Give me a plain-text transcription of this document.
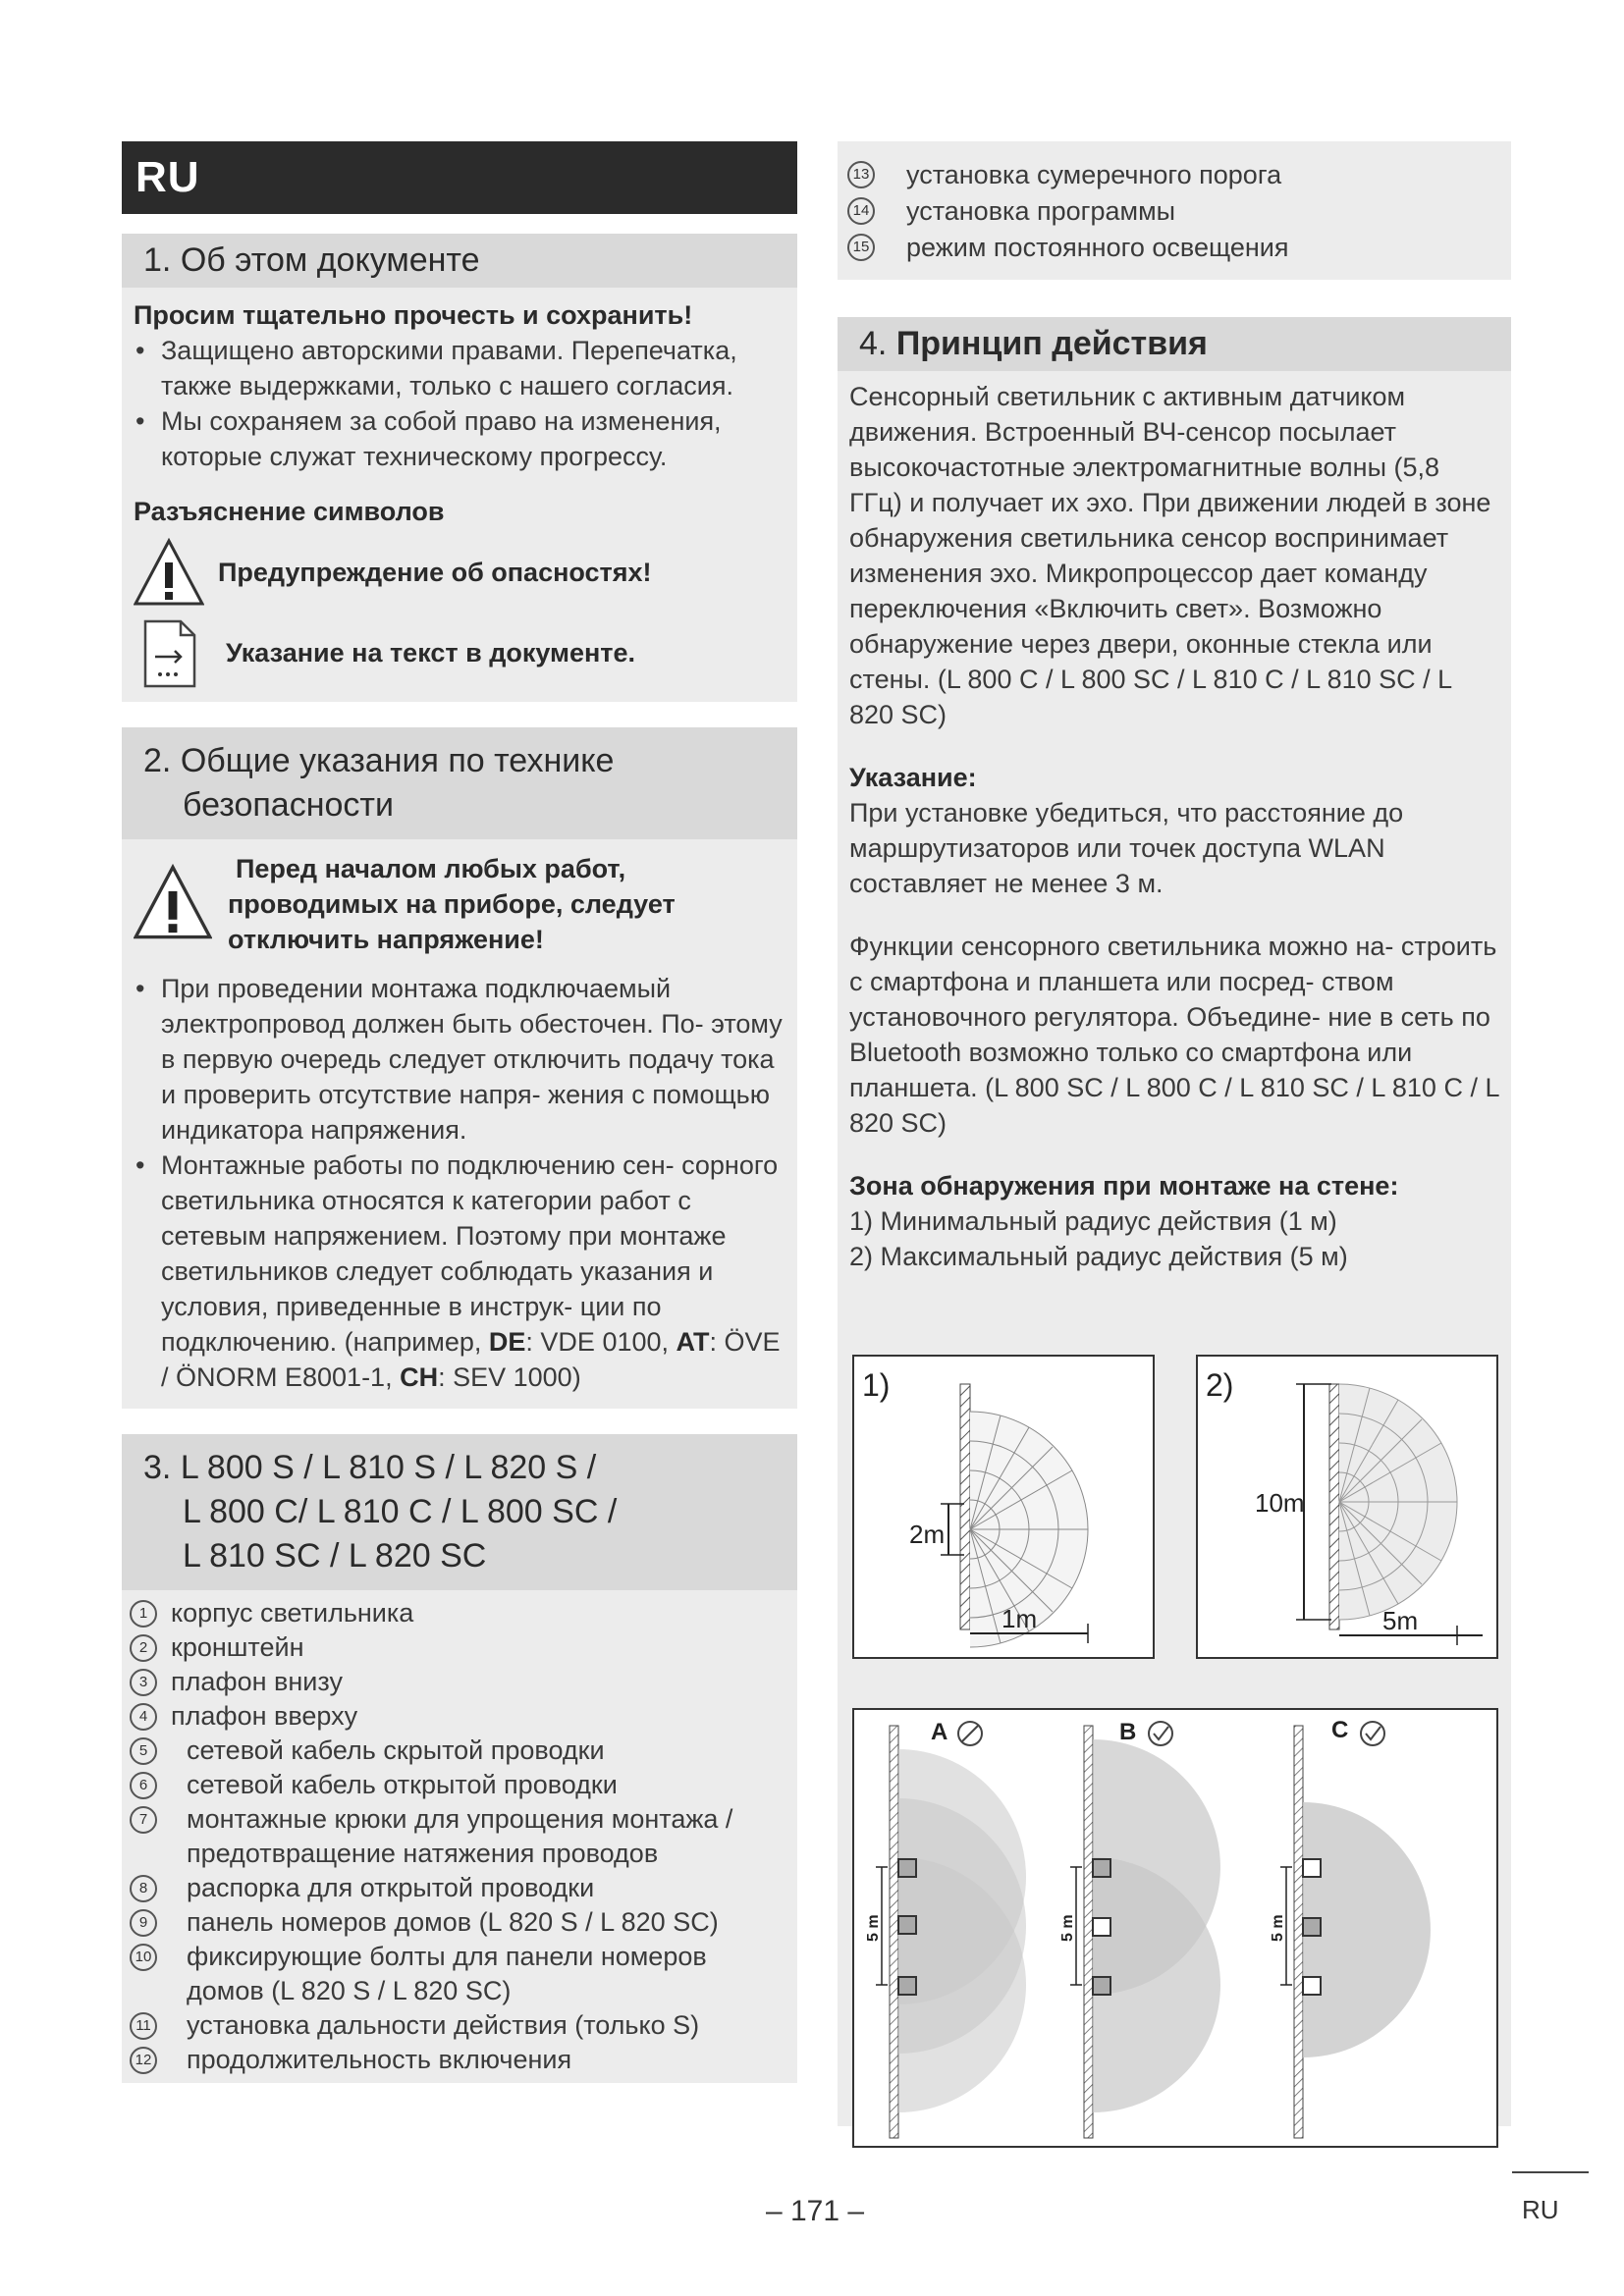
RU
1. Об этом документе
Просим тщательно прочесть и сохранить!
• Защищено авторскими правами. Перепечатка, также выдержками, только с нашего согласия.
• Мы сохраняем за собой право на изменения, которые служат техническому прогрессу.
Разъяснение символов
Предупреждение об опасностях!
Указание на текст в документе.
2. Общие указания по технике
безопасности
Перед началом любых работ,
проводимых на приборе, следует
отключить напряжение!
• При проведении монтажа подключаемый электропровод должен быть обесточен. По- этому в первую очередь следует отключить подачу тока и проверить отсутствие напря- жения с помощью индикатора напряжения.
• Монтажные работы по подключению сен- сорного светильника относятся к категории работ с сетевым напряжением. Поэтому при монтаже светильников следует соблюдать указания и условия, приведенные в инструк- ции по подключению. (например, DE: VDE 0100, AT: ÖVE / ÖNORM E8001-1, CH: SEV 1000)
3. L 800 S / L 810 S / L 820 S /
L 800 C/ L 810 C / L 800 SC /
L 810 SC / L 820 SC
1 корпус светильника
2 кронштейн
3 плафон внизу
4 плафон вверху
5	сетевой кабель скрытой проводки
6	сетевой кабель открытой проводки
7	монтажные крюки для упрощения монтажа / предотвращение натяжения проводов
8	распорка для открытой проводки
9	панель номеров домов (L 820 S / L 820 SC)
10 фиксирующие болты для панели номеров домов (L 820 S / L 820 SC)
11 установка дальности действия (только S)
12 продолжительность включения
13 установка сумеречного порога
14 установка программы
15 режим постоянного освещения
4. Принцип действия

Сенсорный светильник с активным датчиком движения. Встроенный ВЧ-сенсор посылает высокочастотные электромагнитные волны (5,8 ГГц) и получает их эхо. При движении людей в зоне обнаружения светильника сенсор воспринимает изменения эхо. Микропроцессор дает команду переключения «Включить свет». Возможно обнаружение через двери, оконные стекла или стены. (L 800 C / L 800 SC / L 810 C / L 810 SC / L 820 SC)

Указание:

При установке убедиться, что расстояние до маршрутизаторов или точек доступа WLAN составляет не менее 3 м.

Функции сенсорного светильника можно на- строить с смартфона и планшета или посред- ством установочного регулятора. Объедине- ние в сеть по Bluetooth возможно только со смартфона или планшета. (L 800 SC / L 800 C / L 810 SC / L 810 C / L 820 SC)

Зона обнаружения при монтаже на стене:
1) Минимальный радиус действия (1 м)
2) Максимальный радиус действия (5 м)
1)
2m
1m
2)
10m
5m
5 m
A
5 m
B
5 m
C
– 171 –	RU
